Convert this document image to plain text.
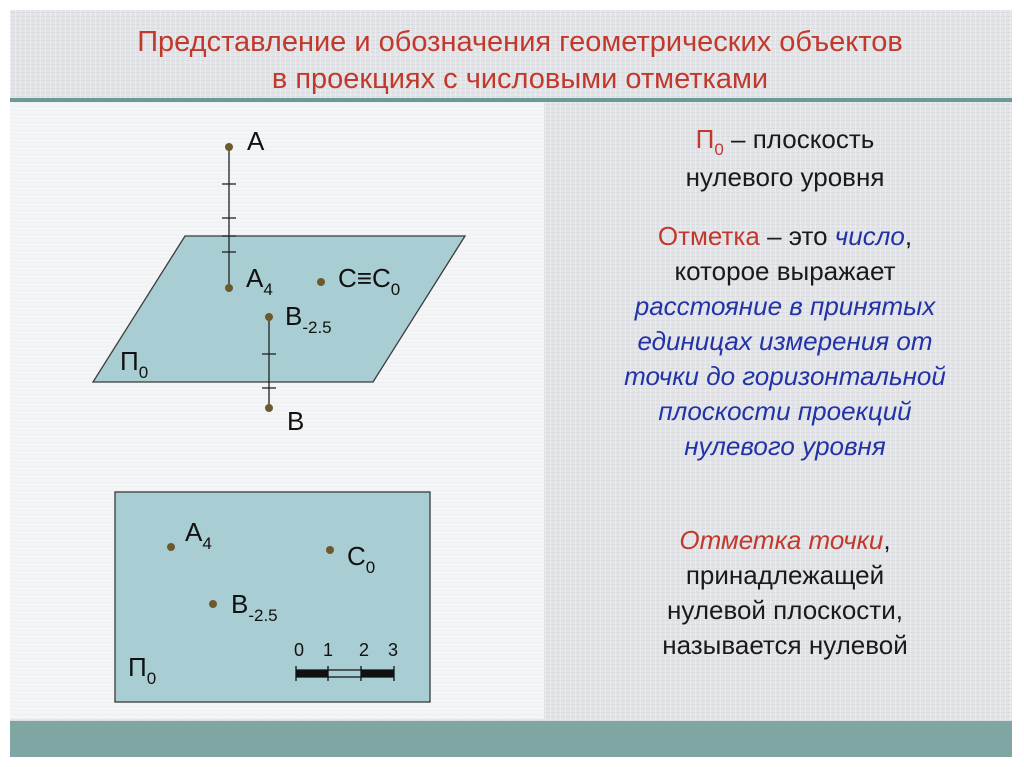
Представление и обозначения геометрических объектов
в проекциях с числовыми отметками
A
$A_4$	$C\equiv C_0$
$B_{-2.5}$
B
$П_0$
$A_4$	$C_0$
$B_{-2.5}$
$П_0$
0 1 2 3
$П_0$ – плоскость
нулевого уровня
Отметка – это число,
которое выражает
расстояние в принятых
единицах измерения от
точки до горизонтальной
плоскости проекций
нулевого уровня
Отметка точки,
принадлежащей
нулевой плоскости,
называется нулевой
